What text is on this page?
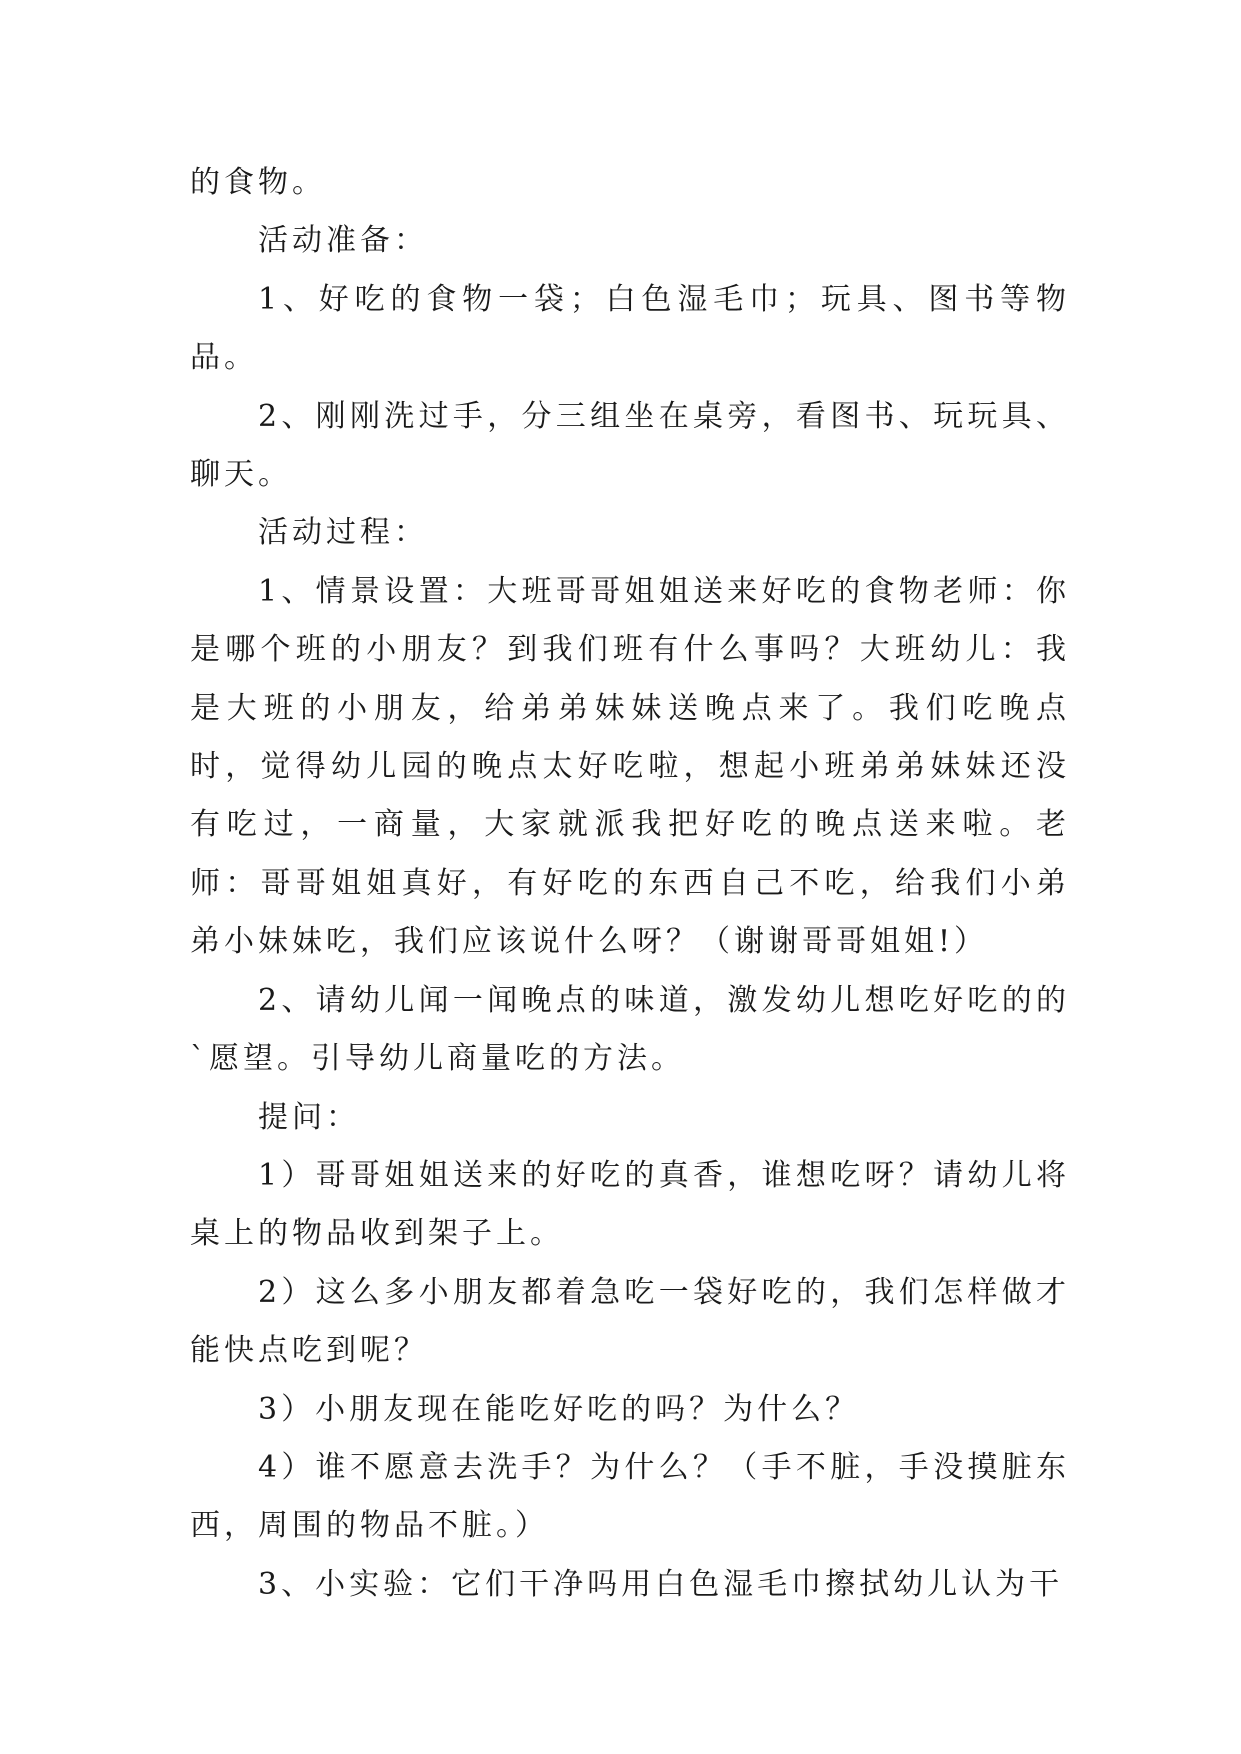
的食物。

活动准备：

1、好吃的食物一袋；白色湿毛巾；玩具、图书等物品。

2、刚刚洗过手，分三组坐在桌旁，看图书、玩玩具、聊天。

活动过程：

1、情景设置：大班哥哥姐姐送来好吃的食物老师：你是哪个班的小朋友？到我们班有什么事吗？大班幼儿：我是大班的小朋友，给弟弟妹妹送晚点来了。我们吃晚点时，觉得幼儿园的晚点太好吃啦，想起小班弟弟妹妹还没有吃过，一商量，大家就派我把好吃的晚点送来啦。老师：哥哥姐姐真好，有好吃的东西自己不吃，给我们小弟弟小妹妹吃，我们应该说什么呀？（谢谢哥哥姐姐!）

2、请幼儿闻一闻晚点的味道，激发幼儿想吃好吃的的`愿望。引导幼儿商量吃的方法。

提问：

1）哥哥姐姐送来的好吃的真香，谁想吃呀？请幼儿将桌上的物品收到架子上。

2）这么多小朋友都着急吃一袋好吃的，我们怎样做才能快点吃到呢？

3）小朋友现在能吃好吃的吗？为什么？

4）谁不愿意去洗手？为什么？（手不脏，手没摸脏东西，周围的物品不脏。）

3、小实验：它们干净吗用白色湿毛巾擦拭幼儿认为干
